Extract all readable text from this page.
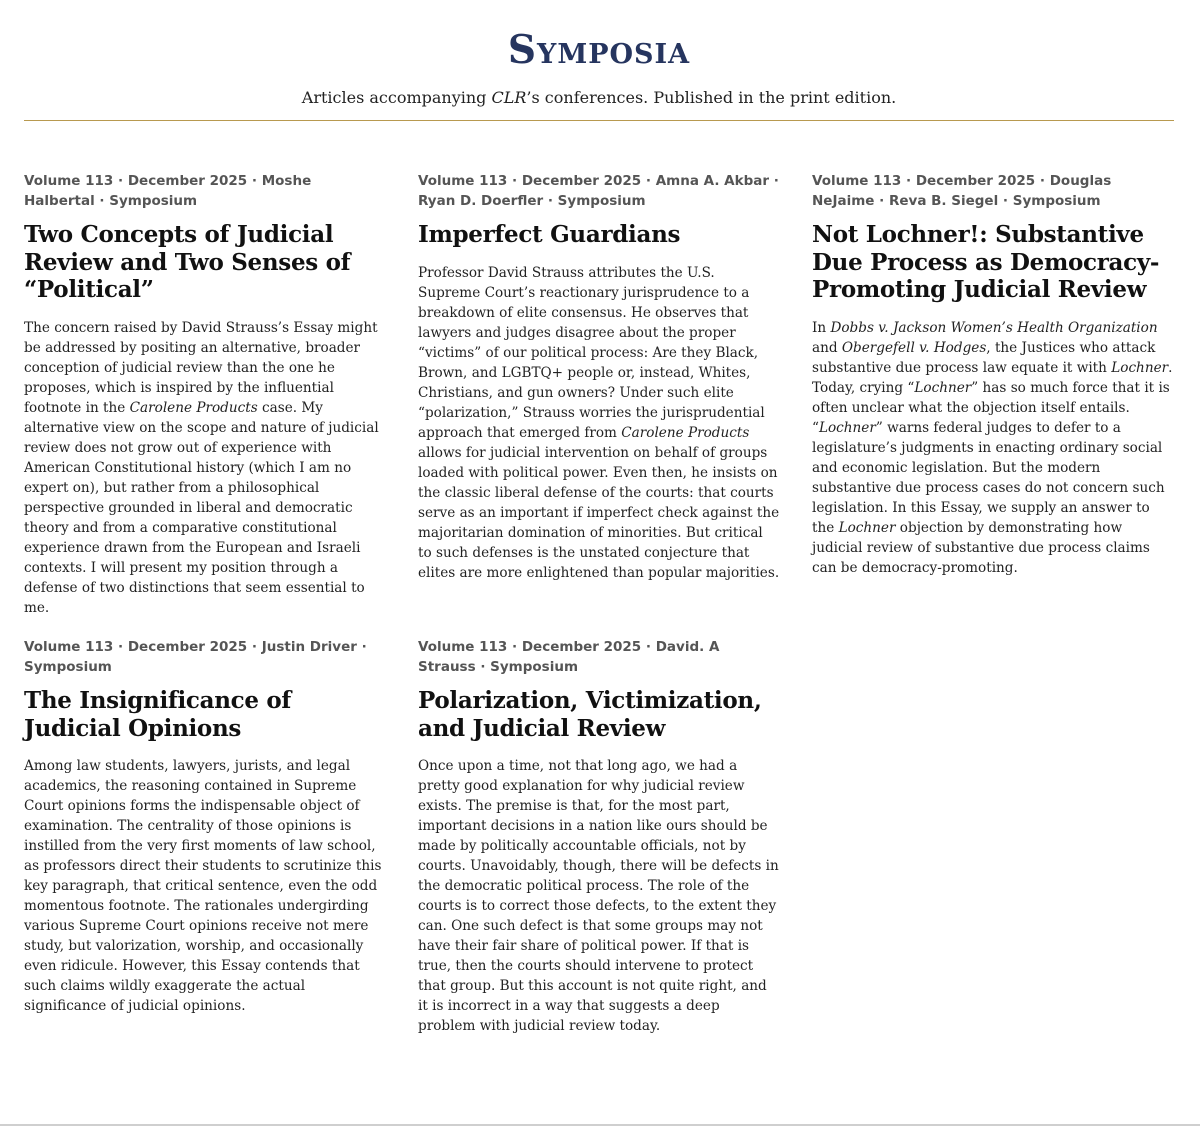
Symposia

Articles accompanying CLR’s conferences. Published in the print edition.

Volume 113 · December 2025 · Moshe Halbertal · Symposium

Two Concepts of Judicial Review and Two Senses of “Political”

The concern raised by David Strauss’s Essay might be addressed by positing an alternative, broader conception of judicial review than the one he proposes, which is inspired by the influential footnote in the Carolene Products case. My alternative view on the scope and nature of judicial review does not grow out of experience with American Constitutional history (which I am no expert on), but rather from a philosophical perspective grounded in liberal and democratic theory and from a comparative constitutional experience drawn from the European and Israeli contexts. I will present my position through a defense of two distinctions that seem essential to me.

Volume 113 · December 2025 · Amna A. Akbar · Ryan D. Doerfler · Symposium

Imperfect Guardians

Professor David Strauss attributes the U.S. Supreme Court’s reactionary jurisprudence to a breakdown of elite consensus. He observes that lawyers and judges disagree about the proper “victims” of our political process: Are they Black, Brown, and LGBTQ+ people or, instead, Whites, Christians, and gun owners? Under such elite “polarization,” Strauss worries the jurisprudential approach that emerged from Carolene Products allows for judicial intervention on behalf of groups loaded with political power. Even then, he insists on the classic liberal defense of the courts: that courts serve as an important if imperfect check against the majoritarian domination of minorities. But critical to such defenses is the unstated conjecture that elites are more enlightened than popular majorities.

Volume 113 · December 2025 · Douglas NeJaime · Reva B. Siegel · Symposium

Not Lochner!: Substantive Due Process as Democracy-Promoting Judicial Review

In Dobbs v. Jackson Women’s Health Organization and Obergefell v. Hodges, the Justices who attack substantive due process law equate it with Lochner. Today, crying “Lochner” has so much force that it is often unclear what the objection itself entails. “Lochner” warns federal judges to defer to a legislature’s judgments in enacting ordinary social and economic legislation. But the modern substantive due process cases do not concern such legislation. In this Essay, we supply an answer to the Lochner objection by demonstrating how judicial review of substantive due process claims can be democracy-promoting.

Volume 113 · December 2025 · Justin Driver · Symposium

The Insignificance of Judicial Opinions

Among law students, lawyers, jurists, and legal academics, the reasoning contained in Supreme Court opinions forms the indispensable object of examination. The centrality of those opinions is instilled from the very first moments of law school, as professors direct their students to scrutinize this key paragraph, that critical sentence, even the odd momentous footnote. The rationales undergirding various Supreme Court opinions receive not mere study, but valorization, worship, and occasionally even ridicule. However, this Essay contends that such claims wildly exaggerate the actual significance of judicial opinions.

Volume 113 · December 2025 · David. A Strauss · Symposium

Polarization, Victimization, and Judicial Review

Once upon a time, not that long ago, we had a pretty good explanation for why judicial review exists. The premise is that, for the most part, important decisions in a nation like ours should be made by politically accountable officials, not by courts. Unavoidably, though, there will be defects in the democratic political process. The role of the courts is to correct those defects, to the extent they can. One such defect is that some groups may not have their fair share of political power. If that is true, then the courts should intervene to protect that group. But this account is not quite right, and it is incorrect in a way that suggests a deep problem with judicial review today.
